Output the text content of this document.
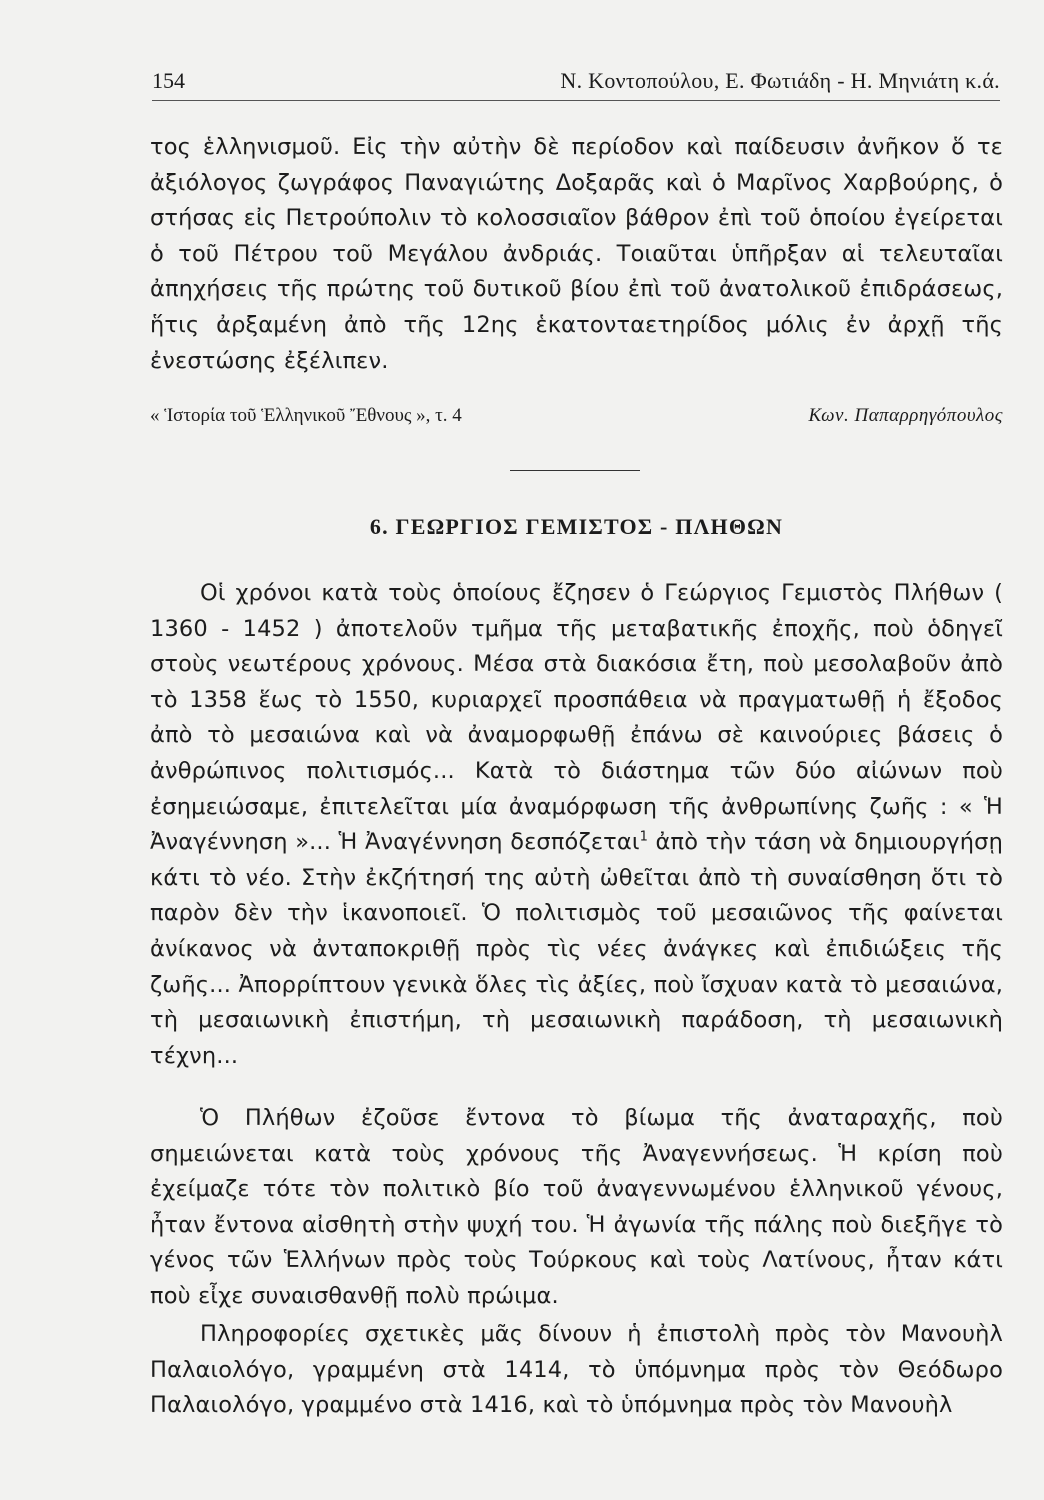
154	Ν. Κοντοπούλου, Ε. Φωτιάδη - Η. Μηνιάτη κ.ά.

τος ἑλληνισμοῦ. Εἰς τὴν αὐτὴν δὲ περίοδον καὶ παίδευσιν ἀνῆκον ὅ τε ἀξιόλογος ζωγράφος Παναγιώτης Δοξαρᾶς καὶ ὁ Μαρῖνος Χαρβούρης, ὁ στήσας εἰς Πετρούπολιν τὸ κολοσσιαῖον βάθρον ἐπὶ τοῦ ὁποίου ἐγείρεται ὁ τοῦ Πέτρου τοῦ Μεγάλου ἀνδριάς. Τοιαῦται ὑπῆρξαν αἱ τελευταῖαι ἀπηχήσεις τῆς πρώτης τοῦ δυτικοῦ βίου ἐπὶ τοῦ ἀνατολικοῦ ἐπιδράσεως, ἥτις ἀρξαμένη ἀπὸ τῆς 12ης ἑκατονταετηρίδος μόλις ἐν ἀρχῇ τῆς ἐνεστώσης ἐξέλιπεν.

« Ἱστορία τοῦ Ἑλληνικοῦ Ἔθνους », τ. 4	Κων. Παπαρρηγόπουλος
6. ΓΕΩΡΓΙΟΣ ΓΕΜΙΣΤΟΣ - ΠΛΗΘΩΝ

Οἱ χρόνοι κατὰ τοὺς ὁποίους ἔζησεν ὁ Γεώργιος Γεμιστὸς Πλήθων ( 1360 - 1452 ) ἀποτελοῦν τμῆμα τῆς μεταβατικῆς ἐποχῆς, ποὺ ὁδηγεῖ στοὺς νεωτέρους χρόνους. Μέσα στὰ διακόσια ἔτη, ποὺ μεσολαβοῦν ἀπὸ τὸ 1358 ἕως τὸ 1550, κυριαρχεῖ προσπάθεια νὰ πραγματωθῇ ἡ ἔξοδος ἀπὸ τὸ μεσαιώνα καὶ νὰ ἀναμορφωθῇ ἐπάνω σὲ καινούριες βάσεις ὁ ἀνθρώπινος πολιτισμός... Κατὰ τὸ διάστημα τῶν δύο αἰώνων ποὺ ἐσημειώσαμε, ἐπιτελεῖται μία ἀναμόρφωση τῆς ἀνθρωπίνης ζωῆς : « Ἡ Ἀναγέννηση »... Ἡ Ἀναγέννηση δεσπόζεται$^1$ ἀπὸ τὴν τάση νὰ δημιουργήσῃ κάτι τὸ νέο. Στὴν ἐκζήτησή της αὐτὴ ὠθεῖται ἀπὸ τὴ συναίσθηση ὅτι τὸ παρὸν δὲν τὴν ἱκανοποιεῖ. Ὁ πολιτισμὸς τοῦ μεσαιῶνος τῆς φαίνεται ἀνίκανος νὰ ἀνταποκριθῇ πρὸς τὶς νέες ἀνάγκες καὶ ἐπιδιώξεις τῆς ζωῆς... Ἀπορρίπτουν γενικὰ ὅλες τὶς ἀξίες, ποὺ ἴσχυαν κατὰ τὸ μεσαιώνα, τὴ μεσαιωνικὴ ἐπιστήμη, τὴ μεσαιωνικὴ παράδοση, τὴ μεσαιωνικὴ τέχνη...

Ὁ Πλήθων ἐζοῦσε ἔντονα τὸ βίωμα τῆς ἀναταραχῆς, ποὺ σημειώνεται κατὰ τοὺς χρόνους τῆς Ἀναγεννήσεως. Ἡ κρίση ποὺ ἐχείμαζε τότε τὸν πολιτικὸ βίο τοῦ ἀναγεννωμένου ἑλληνικοῦ γένους, ἦταν ἔντονα αἰσθητὴ στὴν ψυχή του. Ἡ ἀγωνία τῆς πάλης ποὺ διεξῆγε τὸ γένος τῶν Ἑλλήνων πρὸς τοὺς Τούρκους καὶ τοὺς Λατίνους, ἦταν κάτι ποὺ εἶχε συναισθανθῇ πολὺ πρώιμα.

Πληροφορίες σχετικὲς μᾶς δίνουν ἡ ἐπιστολὴ πρὸς τὸν Μανουὴλ Παλαιολόγο, γραμμένη στὰ 1414, τὸ ὑπόμνημα πρὸς τὸν Θεόδωρο Παλαιολόγο, γραμμένο στὰ 1416, καὶ τὸ ὑπόμνημα πρὸς τὸν Μανουὴλ
